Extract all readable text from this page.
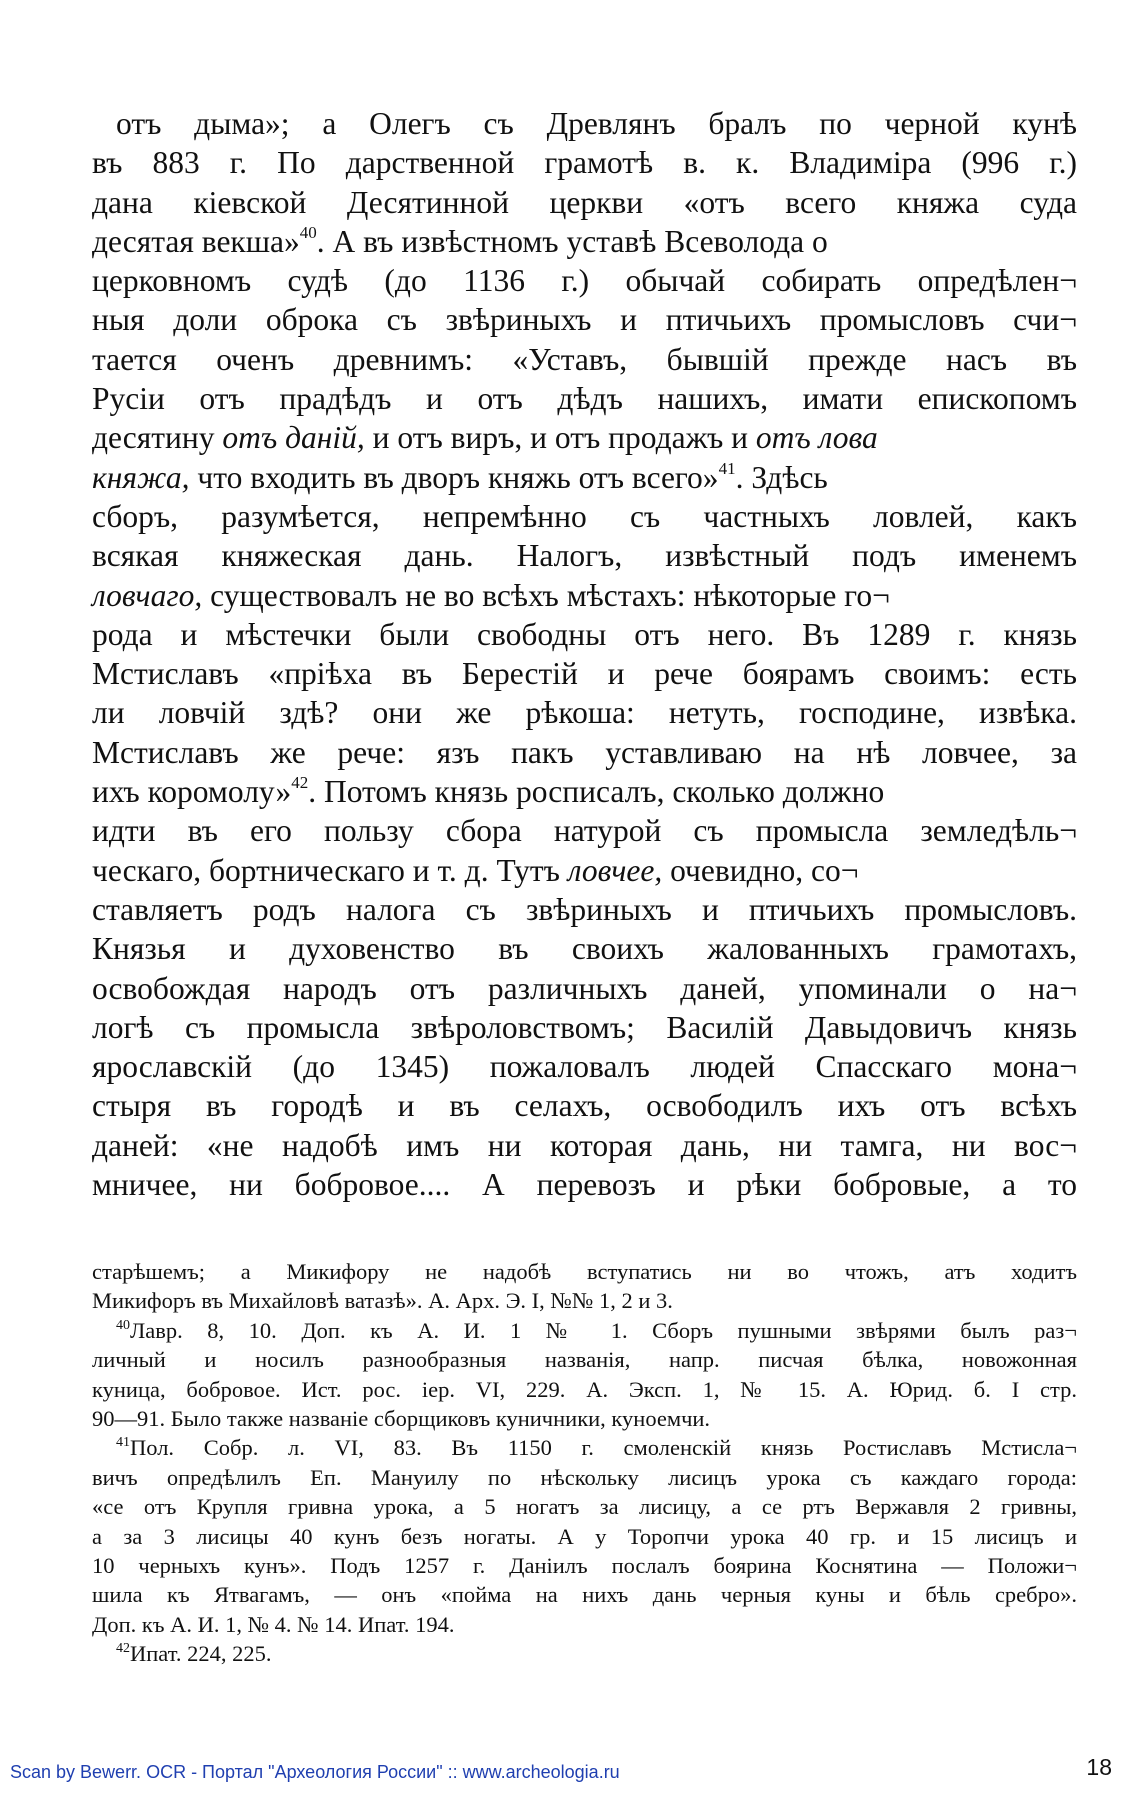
отъ дыма»; а Олегъ съ Древлянъ бралъ по черной кунѣ
въ 883 г. По дарственной грамотѣ в. к. Владиміра (996 г.)
дана кіевской Десятинной церкви «отъ всего княжа суда
десятая векша»$^{40}$. А въ извѣстномъ уставѣ Всеволода о
церковномъ судѣ (до 1136 г.) обычай собирать опредѣлен¬
ныя доли оброка съ звѣриныхъ и птичьихъ промысловъ счи¬
тается оченъ древнимъ: «Уставъ, бывшій прежде насъ въ
Русіи отъ прадѣдъ и отъ дѣдъ нашихъ, имати епископомъ
десятину отъ даній, и отъ виръ, и отъ продажъ и отъ лова
княжа, что входить въ дворъ княжь отъ всего»$^{41}$. Здѣсь
сборъ, разумѣется, непремѣнно съ частныхъ ловлей, какъ
всякая княжеская дань. Налогъ, извѣстный подъ именемъ
ловчаго, существовалъ не во всѣхъ мѣстахъ: нѣкоторые го¬
рода и мѣстечки были свободны отъ него. Въ 1289 г. князь
Мстиславъ «пріѣха въ Берестій и рече боярамъ своимъ: есть
ли ловчій здѣ? они же рѣкоша: нетуть, господине, извѣка.
Мстиславъ же рече: язъ пакъ уставливаю на нѣ ловчее, за
ихъ коромолу»$^{42}$. Потомъ князь росписалъ, сколько должно
идти въ его пользу сбора натурой съ промысла земледѣль¬
ческаго, бортническаго и т. д. Тутъ ловчее, очевидно, со¬
ставляетъ родъ налога съ звѣриныхъ и птичьихъ промысловъ.
Князья и духовенство въ своихъ жалованныхъ грамотахъ,
освобождая народъ отъ различныхъ даней, упоминали о на¬
логѣ съ промысла звѣроловствомъ; Василій Давыдовичъ князь
ярославскій (до 1345) пожаловалъ людей Спасскаго мона¬
стыря въ городѣ и въ селахъ, освободилъ ихъ отъ всѣхъ
даней: «не надобѣ имъ ни которая дань, ни тамга, ни вос¬
мничее, ни бобровое.... А перевозъ и рѣки бобровые, а то
старѣшемъ; а Микифору не надобѣ вступатись ни во чтожъ, атъ ходитъ
Микифоръ въ Михайловѣ ватазѣ». А. Арх. Э. I, №№ 1, 2 и 3.
$^{40}$Лавр. 8, 10. Доп. къ А. И. 1 № 1. Сборъ пушными звѣрями былъ раз¬
личный и носилъ разнообразныя названія, напр. писчая бѣлка, новожонная
куница, бобровое. Ист. рос. іер. VI, 229. А. Эксп. 1, № 15. А. Юрид. б. I стр.
90—91. Было также названіе сборщиковъ куничники, куноемчи.
$^{41}$Пол. Собр. л. VI, 83. Въ 1150 г. смоленскій князь Ростиславъ Мстисла¬
вичъ опредѣлилъ Еп. Мануилу по нѣскольку лисицъ урока съ каждаго города:
«се отъ Крупля гривна урока, а 5 ногатъ за лисицу, а се ртъ Вержавля 2 гривны,
а за 3 лисицы 40 кунъ безъ ногаты. А у Торопчи урока 40 гр. и 15 лисицъ и
10 черныхъ кунъ». Подъ 1257 г. Даніилъ послалъ боярина Коснятина — Положи¬
шила къ Ятвагамъ, — онъ «пойма на нихъ дань черныя куны и бѣль сребро».
Доп. къ А. И. 1, № 4. № 14. Ипат. 194.
$^{42}$Ипат. 224, 225.
Scan by Bewerr. OCR - Портал "Археология России" :: www.archeologia.ru	18
